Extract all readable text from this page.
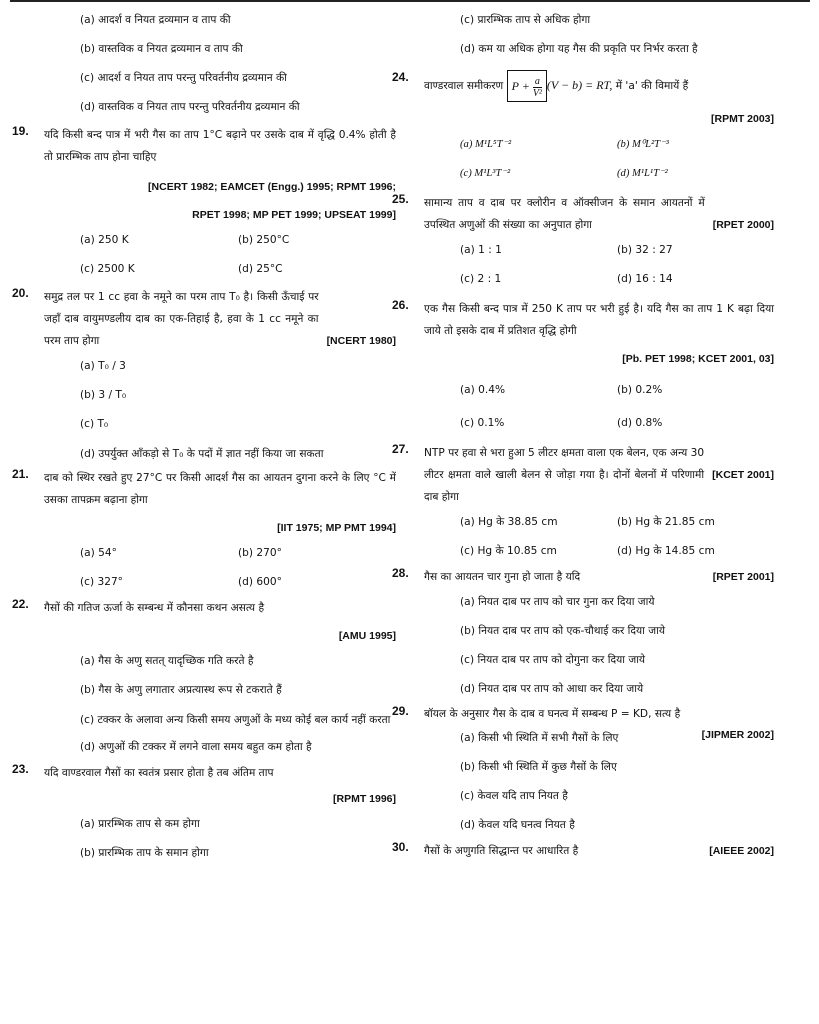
(a) आदर्श व नियत द्रव्यमान व ताप की
(b) वास्तविक व नियत द्रव्यमान व ताप की
(c) आदर्श व नियत ताप परन्तु परिवर्तनीय द्रव्यमान की
(d) वास्तविक व नियत ताप परन्तु परिवर्तनीय द्रव्यमान की
19. यदि किसी बन्द पात्र में भरी गैस का ताप 1°C बढ़ाने पर उसके दाब में वृद्धि 0.4% होती है तो प्रारम्भिक ताप होना चाहिए
[NCERT 1982; EAMCET (Engg.) 1995; RPMT 1996;
RPET 1998; MP PET 1999; UPSEAT 1999]
(a) 250 K	(b) 250°C
(c) 2500 K	(d) 25°C
20.
[NCERT 1980]
समुद्र तल पर 1 cc हवा के नमूने का परम ताप T₀ है। किसी ऊँचाई पर जहाँ दाब वायुमण्डलीय दाब का एक-तिहाई है, हवा के 1 cc नमूने का परम ताप होगा
(a) T₀ / 3
(b) 3 / T₀
(c) T₀
(d) उपर्युक्त आँकड़ो से T₀ के पदों में ज्ञात नहीं किया जा सकता
21. दाब को स्थिर रखते हुए 27°C पर किसी आदर्श गैस का आयतन दुगना करने के लिए °C में उसका तापक्रम बढ़ाना होगा
[IIT 1975; MP PMT 1994]
(a) 54°	(b) 270°
(c) 327°	(d) 600°
22. गैसों की गतिज ऊर्जा के सम्बन्ध में कौनसा कथन असत्य है
[AMU 1995]
(a) गैस के अणु सतत् यादृच्छिक गति करते है
(b) गैस के अणु लगातार अप्रत्यास्थ रूप से टकराते हैं
(c) टक्कर के अलावा अन्य किसी समय अणुओं के मध्य कोई बल कार्य नहीं करता
(d) अणुओं की टक्कर में लगने वाला समय बहुत कम होता है
23. यदि वाण्डरवाल गैसों का स्वतंत्र प्रसार होता है तब अंतिम ताप
[RPMT 1996]
(a) प्रारम्भिक ताप से कम होगा
(b) प्रारम्भिक ताप के समान होगा
(c) प्रारम्भिक ताप से अधिक होगा
(d) कम या अधिक होगा यह गैस की प्रकृति पर निर्भर करता है
24.
वाण्डरवाल समीकरण $P + \frac{a}{\text{V²}} (V - b)$ = RT, में 'a' की विमायें हैं
[RPMT 2003]
(a) M¹L⁵T⁻²	(b) M⁰L²T⁻³
(c) M¹L³T⁻²	(d) M¹L¹T⁻²
25.
[RPET 2000]
सामान्य ताप व दाब पर क्लोरीन व ऑक्सीजन के समान आयतनों में उपस्थित अणुओं की संख्या का अनुपात होगा
(a) 1 : 1	(b) 32 : 27
(c) 2 : 1	(d) 16 : 14
26. एक गैस किसी बन्द पात्र में 250 K ताप पर भरी हुई है। यदि गैस का ताप 1 K बढ़ा दिया जाये तो इसके दाब में प्रतिशत वृद्धि होगी
[Pb. PET 1998; KCET 2001, 03]
(a) 0.4%	(b) 0.2%
(c) 0.1%	(d) 0.8%
27.
[KCET 2001]
NTP पर हवा से भरा हुआ 5 लीटर क्षमता वाला एक बेलन, एक अन्य 30 लीटर क्षमता वाले खाली बेलन से जोड़ा गया है। दोनों बेलनों में परिणामी दाब होगा
(a) Hg के 38.85 cm	(b) Hg के 21.85 cm
(c) Hg के 10.85 cm	(d) Hg के 14.85 cm
28.	[RPET 2001]
गैस का आयतन चार गुना हो जाता है यदि
(a) नियत दाब पर ताप को चार गुना कर दिया जाये
(b) नियत दाब पर ताप को एक-चौथाई कर दिया जाये
(c) नियत दाब पर ताप को दोगुना कर दिया जाये
(d) नियत दाब पर ताप को आधा कर दिया जाये
29.
[JIPMER 2002]
बॉयल के अनुसार गैस के दाब व घनत्व में सम्बन्ध P = KD, सत्य है
(a) किसी भी स्थिति में सभी गैसों के लिए
(b) किसी भी स्थिति में कुछ गैसों के लिए
(c) केवल यदि ताप नियत है
(d) केवल यदि घनत्व नियत है
30.	[AIEEE 2002]
गैसों के अणुगति सिद्धान्त पर आधारित है
